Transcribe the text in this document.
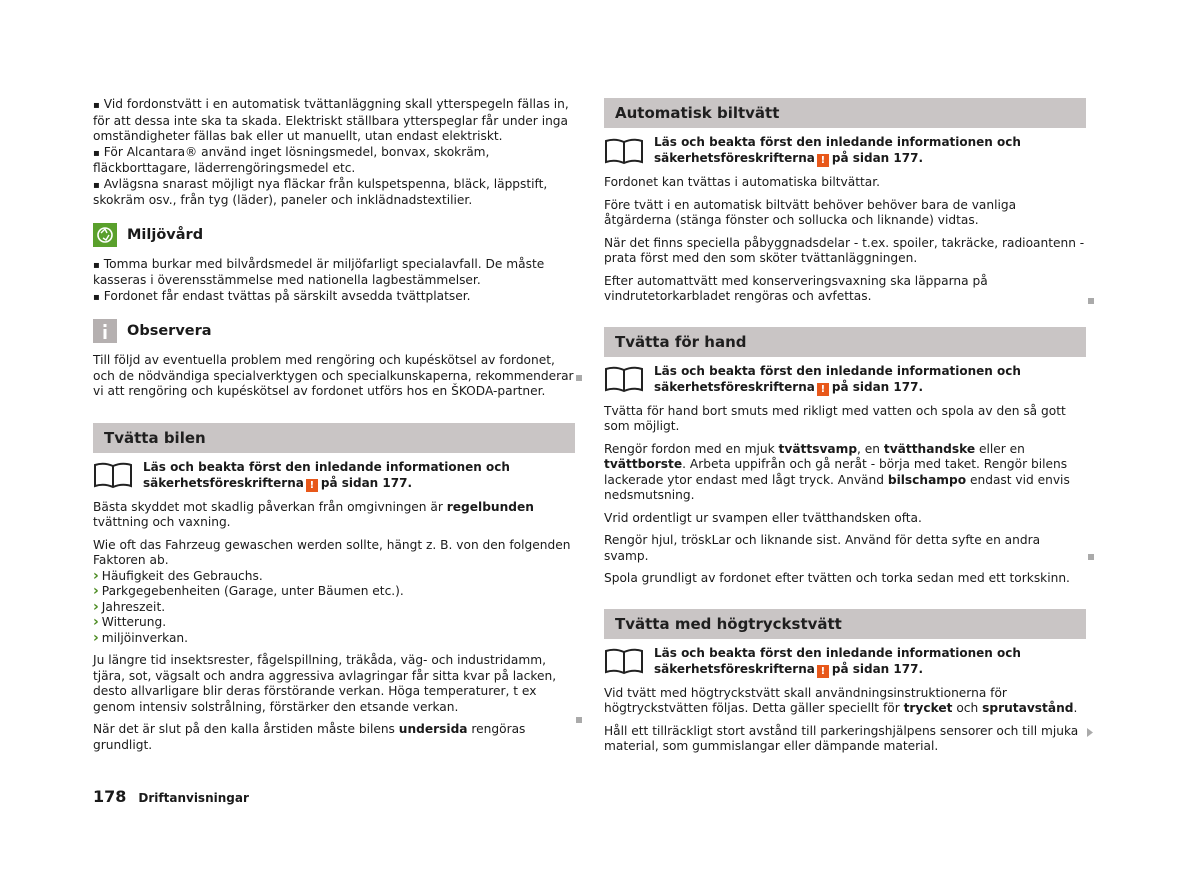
▪ Vid fordonstvätt i en automatisk tvättanläggning skall ytterspegeln fällas in, för att dessa inte ska ta skada. Elektriskt ställbara ytterspeglar får under inga omständigheter fällas bak eller ut manuellt, utan endast elektriskt.

▪ För Alcantara® använd inget lösningsmedel, bonvax, skokräm, fläckborttagare, läderrengöringsmedel etc.

▪ Avlägsna snarast möjligt nya fläckar från kulspetspenna, bläck, läppstift, skokräm osv., från tyg (läder), paneler och inklädnadstextilier.

Miljövård

▪ Tomma burkar med bilvårdsmedel är miljöfarligt specialavfall. De måste kasseras i överensstämmelse med nationella lagbestämmelser.

▪ Fordonet får endast tvättas på särskilt avsedda tvättplatser.

Observera

Till följd av eventuella problem med rengöring och kupéskötsel av fordonet, och de nödvändiga specialverktygen och specialkunskaperna, rekommenderar vi att rengöring och kupéskötsel av fordonet utförs hos en ŠKODA-partner.

Tvätta bilen

Läs och beakta först den inledande informationen och säkerhetsföreskrifterna ! på sidan 177.

Bästa skyddet mot skadlig påverkan från omgivningen är regelbunden tvättning och vaxning.

Wie oft das Fahrzeug gewaschen werden sollte, hängt z. B. von den folgenden Faktoren ab.

› Häufigkeit des Gebrauchs.

› Parkgegebenheiten (Garage, unter Bäumen etc.).

› Jahreszeit.

› Witterung.

› miljöinverkan.

Ju längre tid insektsrester, fågelspillning, träkåda, väg- och industridamm, tjära, sot, vägsalt och andra aggressiva avlagringar får sitta kvar på lacken, desto allvarligare blir deras förstörande verkan. Höga temperaturer, t ex genom intensiv solstrålning, förstärker den etsande verkan.

När det är slut på den kalla årstiden måste bilens undersida rengöras grundligt.

Automatisk biltvätt

Läs och beakta först den inledande informationen och säkerhetsföreskrifterna ! på sidan 177.

Fordonet kan tvättas i automatiska biltvättar.

Före tvätt i en automatisk biltvätt behöver behöver bara de vanliga åtgärderna (stänga fönster och sollucka och liknande) vidtas.

När det finns speciella påbyggnadsdelar - t.ex. spoiler, takräcke, radioantenn - prata först med den som sköter tvättanläggningen.

Efter automattvätt med konserveringsvaxning ska läpparna på vindrutetorkarbladet rengöras och avfettas.

Tvätta för hand

Läs och beakta först den inledande informationen och säkerhetsföreskrifterna ! på sidan 177.

Tvätta för hand bort smuts med rikligt med vatten och spola av den så gott som möjligt.

Rengör fordon med en mjuk tvättsvamp, en tvätthandske eller en tvättborste. Arbeta uppifrån och gå neråt - börja med taket. Rengör bilens lackerade ytor endast med lågt tryck. Använd bilschampo endast vid envis nedsmutsning.

Vrid ordentligt ur svampen eller tvätthandsken ofta.

Rengör hjul, tröskLar och liknande sist. Använd för detta syfte en andra svamp.

Spola grundligt av fordonet efter tvätten och torka sedan med ett torkskinn.

Tvätta med högtryckstvätt

Läs och beakta först den inledande informationen och säkerhetsföreskrifterna ! på sidan 177.

Vid tvätt med högtryckstvätt skall användningsinstruktionerna för högtryckstvätten följas. Detta gäller speciellt för trycket och sprutavstånd.

Håll ett tillräckligt stort avstånd till parkeringshjälpens sensorer och till mjuka material, som gummislangar eller dämpande material.

178 Driftanvisningar
